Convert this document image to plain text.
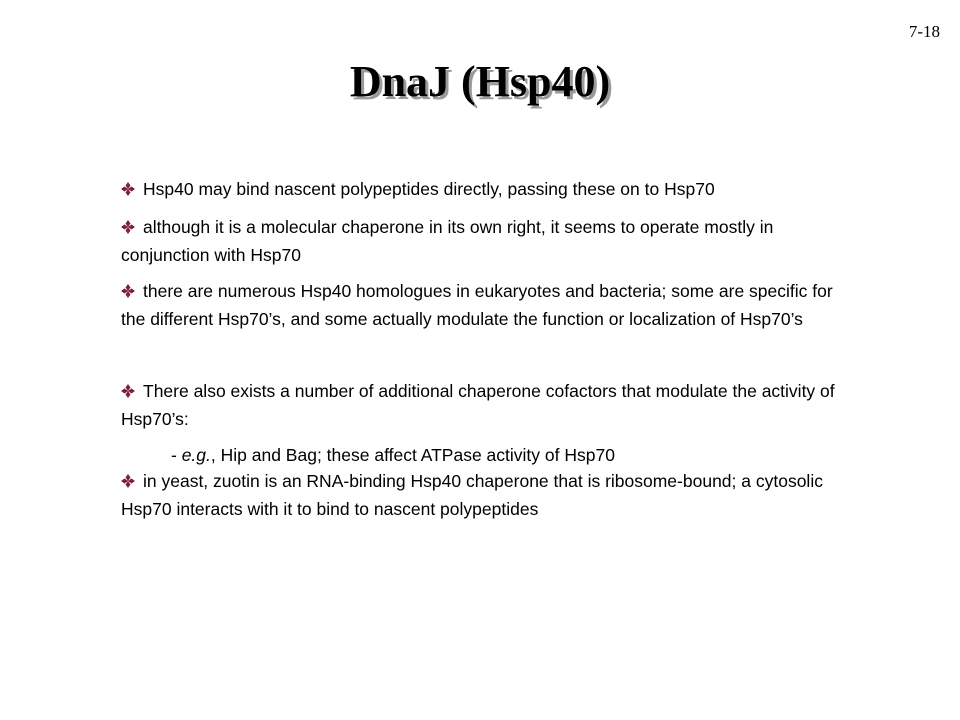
7-18
DnaJ (Hsp40)

Hsp40 may bind nascent polypeptides directly, passing these on to Hsp70

although it is a molecular chaperone in its own right, it seems to operate mostly in conjunction with Hsp70

there are numerous Hsp40 homologues in eukaryotes and bacteria; some are specific for the different Hsp70’s, and some actually modulate the function or localization of Hsp70’s

There also exists a number of additional chaperone cofactors that modulate the activity of Hsp70’s:

- e.g., Hip and Bag; these affect ATPase activity of Hsp70

in yeast, zuotin is an RNA-binding Hsp40 chaperone that is ribosome-bound; a cytosolic Hsp70 interacts with it to bind to nascent polypeptides
